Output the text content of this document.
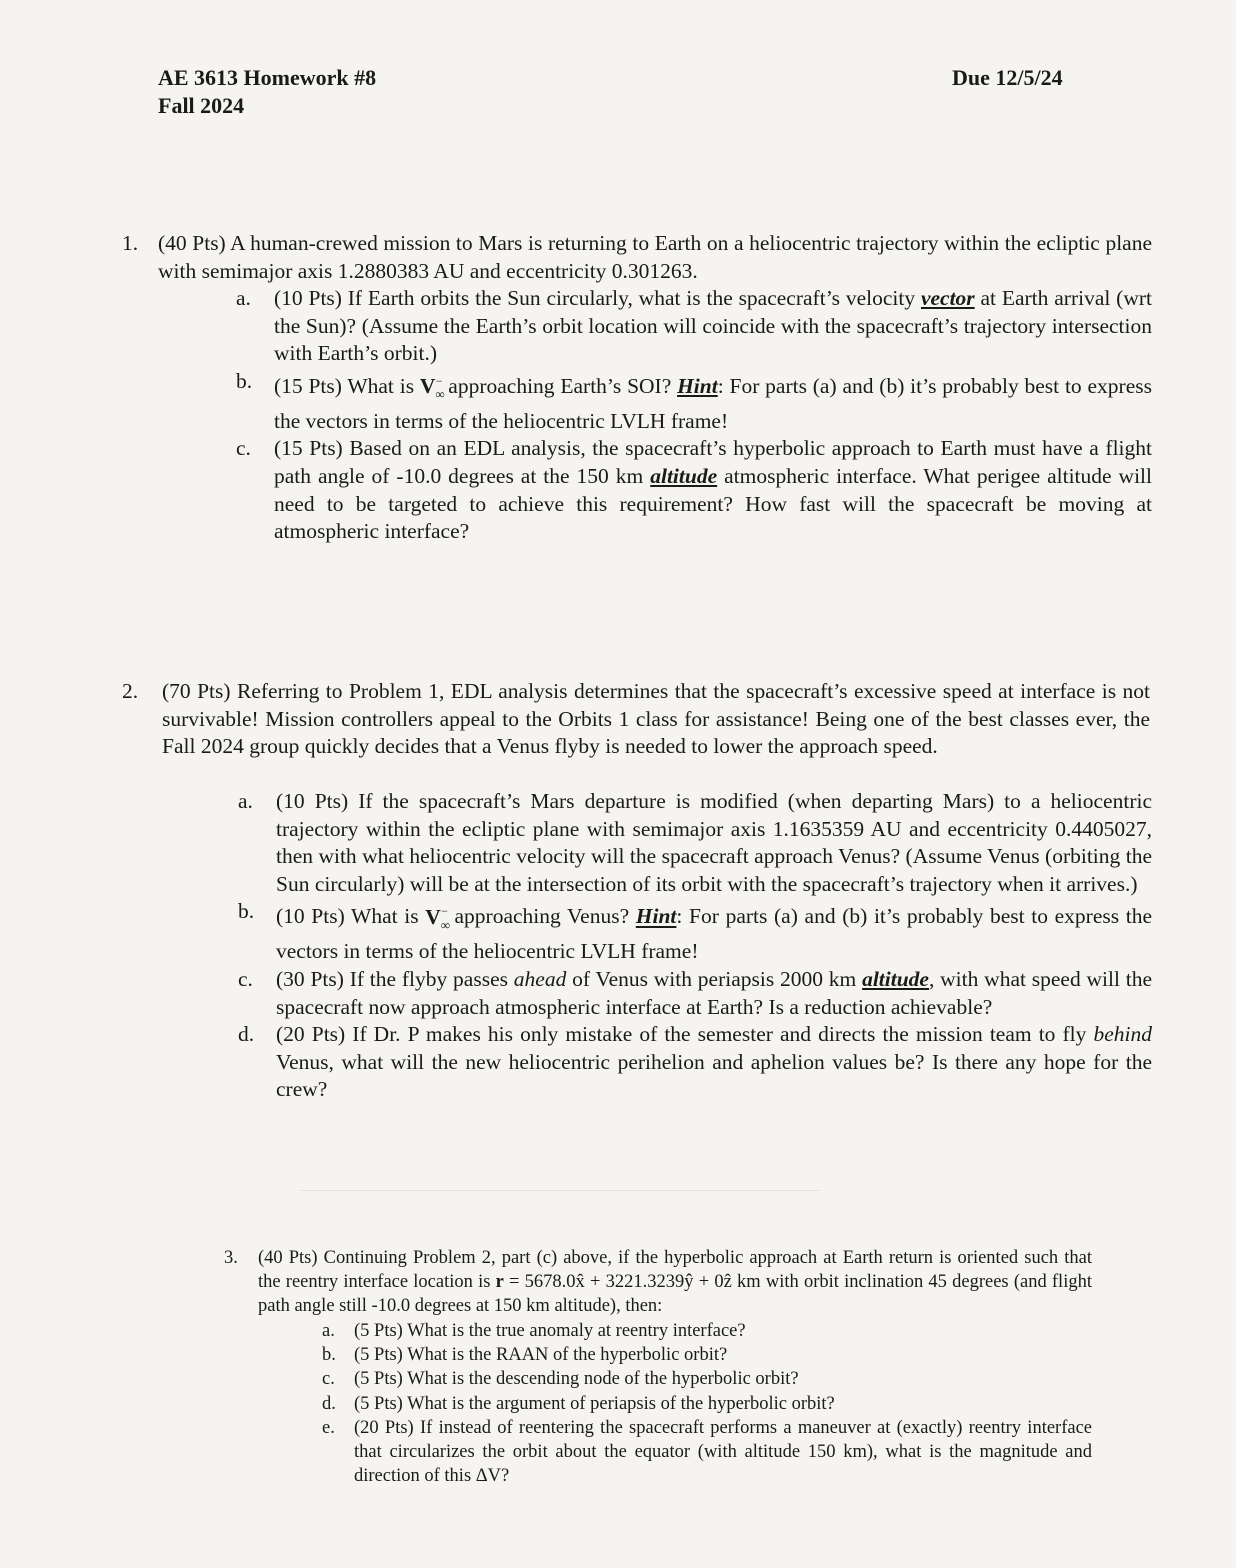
AE 3613 Homework #8
Fall 2024
Due 12/5/24
1. (40 Pts) A human-crewed mission to Mars is returning to Earth on a heliocentric trajectory within the ecliptic plane with semimajor axis 1.2880383 AU and eccentricity 0.301263.
a. (10 Pts) If Earth orbits the Sun circularly, what is the spacecraft’s velocity vector at Earth arrival (wrt the Sun)? (Assume the Earth’s orbit location will coincide with the spacecraft’s trajectory intersection with Earth’s orbit.)
b. (15 Pts) What is $V_\infty^-$ approaching Earth’s SOI? Hint: For parts (a) and (b) it’s probably best to express the vectors in terms of the heliocentric LVLH frame!
c. (15 Pts) Based on an EDL analysis, the spacecraft’s hyperbolic approach to Earth must have a flight path angle of -10.0 degrees at the 150 km altitude atmospheric interface. What perigee altitude will need to be targeted to achieve this requirement? How fast will the spacecraft be moving at atmospheric interface?
2. (70 Pts) Referring to Problem 1, EDL analysis determines that the spacecraft’s excessive speed at interface is not survivable! Mission controllers appeal to the Orbits 1 class for assistance! Being one of the best classes ever, the Fall 2024 group quickly decides that a Venus flyby is needed to lower the approach speed.
a. (10 Pts) If the spacecraft’s Mars departure is modified (when departing Mars) to a heliocentric trajectory within the ecliptic plane with semimajor axis 1.1635359 AU and eccentricity 0.4405027, then with what heliocentric velocity will the spacecraft approach Venus? (Assume Venus (orbiting the Sun circularly) will be at the intersection of its orbit with the spacecraft’s trajectory when it arrives.)
b. (10 Pts) What is $V_\infty^-$ approaching Venus? Hint: For parts (a) and (b) it’s probably best to express the vectors in terms of the heliocentric LVLH frame!
c. (30 Pts) If the flyby passes ahead of Venus with periapsis 2000 km altitude, with what speed will the spacecraft now approach atmospheric interface at Earth? Is a reduction achievable?
d. (20 Pts) If Dr. P makes his only mistake of the semester and directs the mission team to fly behind Venus, what will the new heliocentric perihelion and aphelion values be? Is there any hope for the crew?
3. (40 Pts) Continuing Problem 2, part (c) above, if the hyperbolic approach at Earth return is oriented such that the reentry interface location is r = 5678.0x̂ + 3221.3239ŷ + 0ẑ km with orbit inclination 45 degrees (and flight path angle still -10.0 degrees at 150 km altitude), then:
a. (5 Pts) What is the true anomaly at reentry interface?
b. (5 Pts) What is the RAAN of the hyperbolic orbit?
c. (5 Pts) What is the descending node of the hyperbolic orbit?
d. (5 Pts) What is the argument of periapsis of the hyperbolic orbit?
e. (20 Pts) If instead of reentering the spacecraft performs a maneuver at (exactly) reentry interface that circularizes the orbit about the equator (with altitude 150 km), what is the magnitude and direction of this ΔV?
